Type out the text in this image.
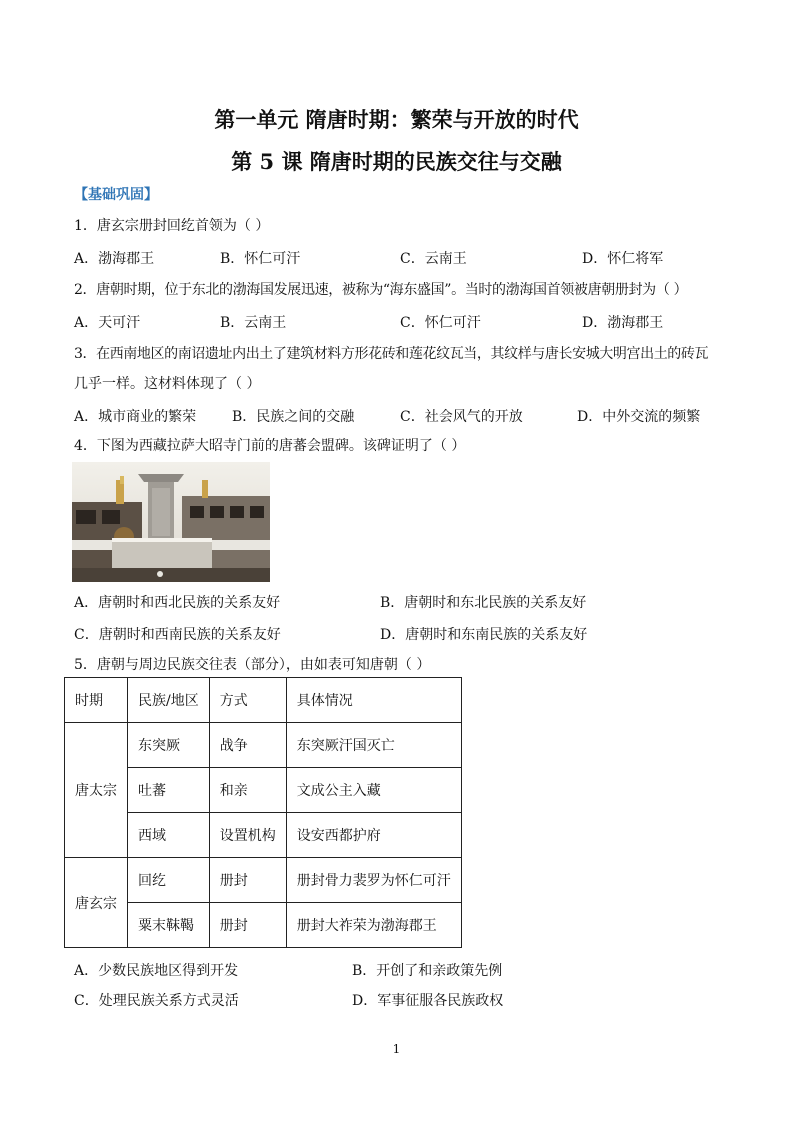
第一单元 隋唐时期：繁荣与开放的时代
第 5 课 隋唐时期的民族交往与交融
【基础巩固】
1．唐玄宗册封回纥首领为（ ）
A．渤海郡王	B．怀仁可汗	C．云南王	D．怀仁将军
2．唐朝时期，位于东北的渤海国发展迅速，被称为“海东盛国”。当时的渤海国首领被唐朝册封为（ ）
A．天可汗	B．云南王	C．怀仁可汗	D．渤海郡王
3．在西南地区的南诏遗址内出土了建筑材料方形花砖和莲花纹瓦当，其纹样与唐长安城大明宫出土的砖瓦
几乎一样。这材料体现了（ ）
A．城市商业的繁荣	B．民族之间的交融	C．社会风气的开放	D．中外交流的频繁
4．下图为西藏拉萨大昭寺门前的唐蕃会盟碑。该碑证明了（ ）
A．唐朝时和西北民族的关系友好	B．唐朝时和东北民族的关系友好
C．唐朝时和西南民族的关系友好	D．唐朝时和东南民族的关系友好
5．唐朝与周边民族交往表（部分），由如表可知唐朝（ ）
时期	民族/地区	方式	具体情况
唐太宗	东突厥	战争	东突厥汗国灭亡
	吐蕃	和亲	文成公主入藏
	西域	设置机构	设安西都护府
唐玄宗	回纥	册封	册封骨力裴罗为怀仁可汗
	粟末靺鞨	册封	册封大祚荣为渤海郡王
A．少数民族地区得到开发	B．开创了和亲政策先例
C．处理民族关系方式灵活	D．军事征服各民族政权
1
